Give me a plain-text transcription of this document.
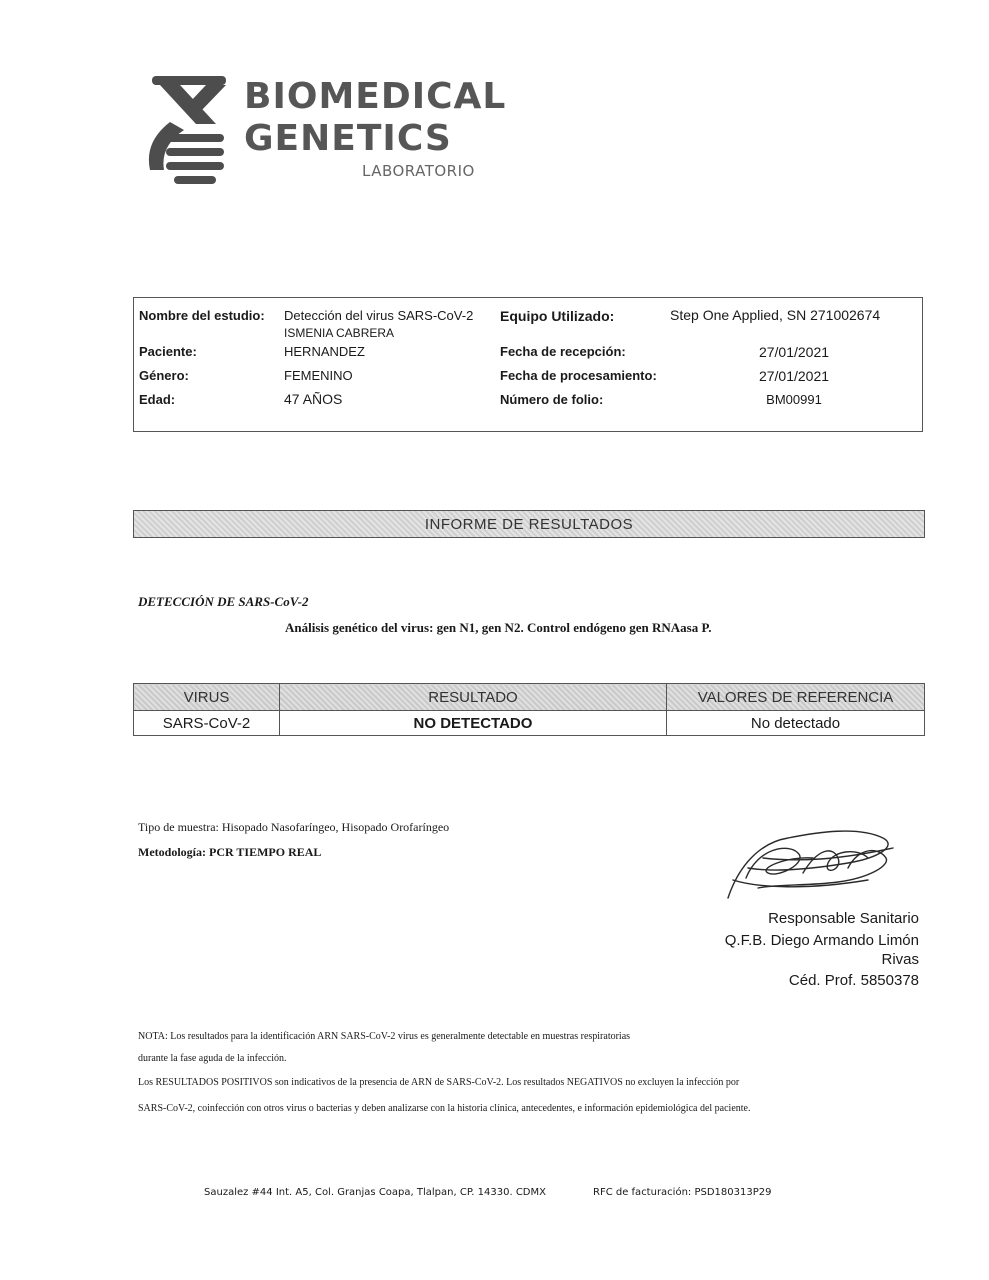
BIOMEDICAL
GENETICS
LABORATORIO
Nombre del estudio: Detección del virus SARS-CoV-2
ISMENIA CABRERA
Paciente:	HERNANDEZ
Género:	FEMENINO
Edad:	47 AÑOS
Equipo Utilizado:	Step One Applied, SN 271002674
Fecha de recepción:	27/01/2021
Fecha de procesamiento:	27/01/2021
Número de folio:	BM00991
INFORME DE RESULTADOS
DETECCIÓN DE SARS-CoV-2
Análisis genético del virus: gen N1, gen N2. Control endógeno gen RNAasa P.
VIRUS	RESULTADO	VALORES DE REFERENCIA
SARS-CoV-2	NO DETECTADO	No detectado
Tipo de muestra: Hisopado Nasofaríngeo, Hisopado Orofaríngeo
Metodología: PCR TIEMPO REAL
Responsable Sanitario
Q.F.B. Diego Armando Limón
Rivas
Céd. Prof. 5850378
NOTA: Los resultados para la identificación ARN SARS-CoV-2 virus es generalmente detectable en muestras respiratorias
durante la fase aguda de la infección.
Los RESULTADOS POSITIVOS son indicativos de la presencia de ARN de SARS-CoV-2. Los resultados NEGATIVOS no excluyen la infección por
SARS-CoV-2, coinfección con otros virus o bacterias y deben analizarse con la historia clínica, antecedentes, e información epidemiológica del paciente.
Sauzalez #44 Int. A5, Col. Granjas Coapa, Tlalpan, CP. 14330. CDMX	RFC de facturación: PSD180313P29
